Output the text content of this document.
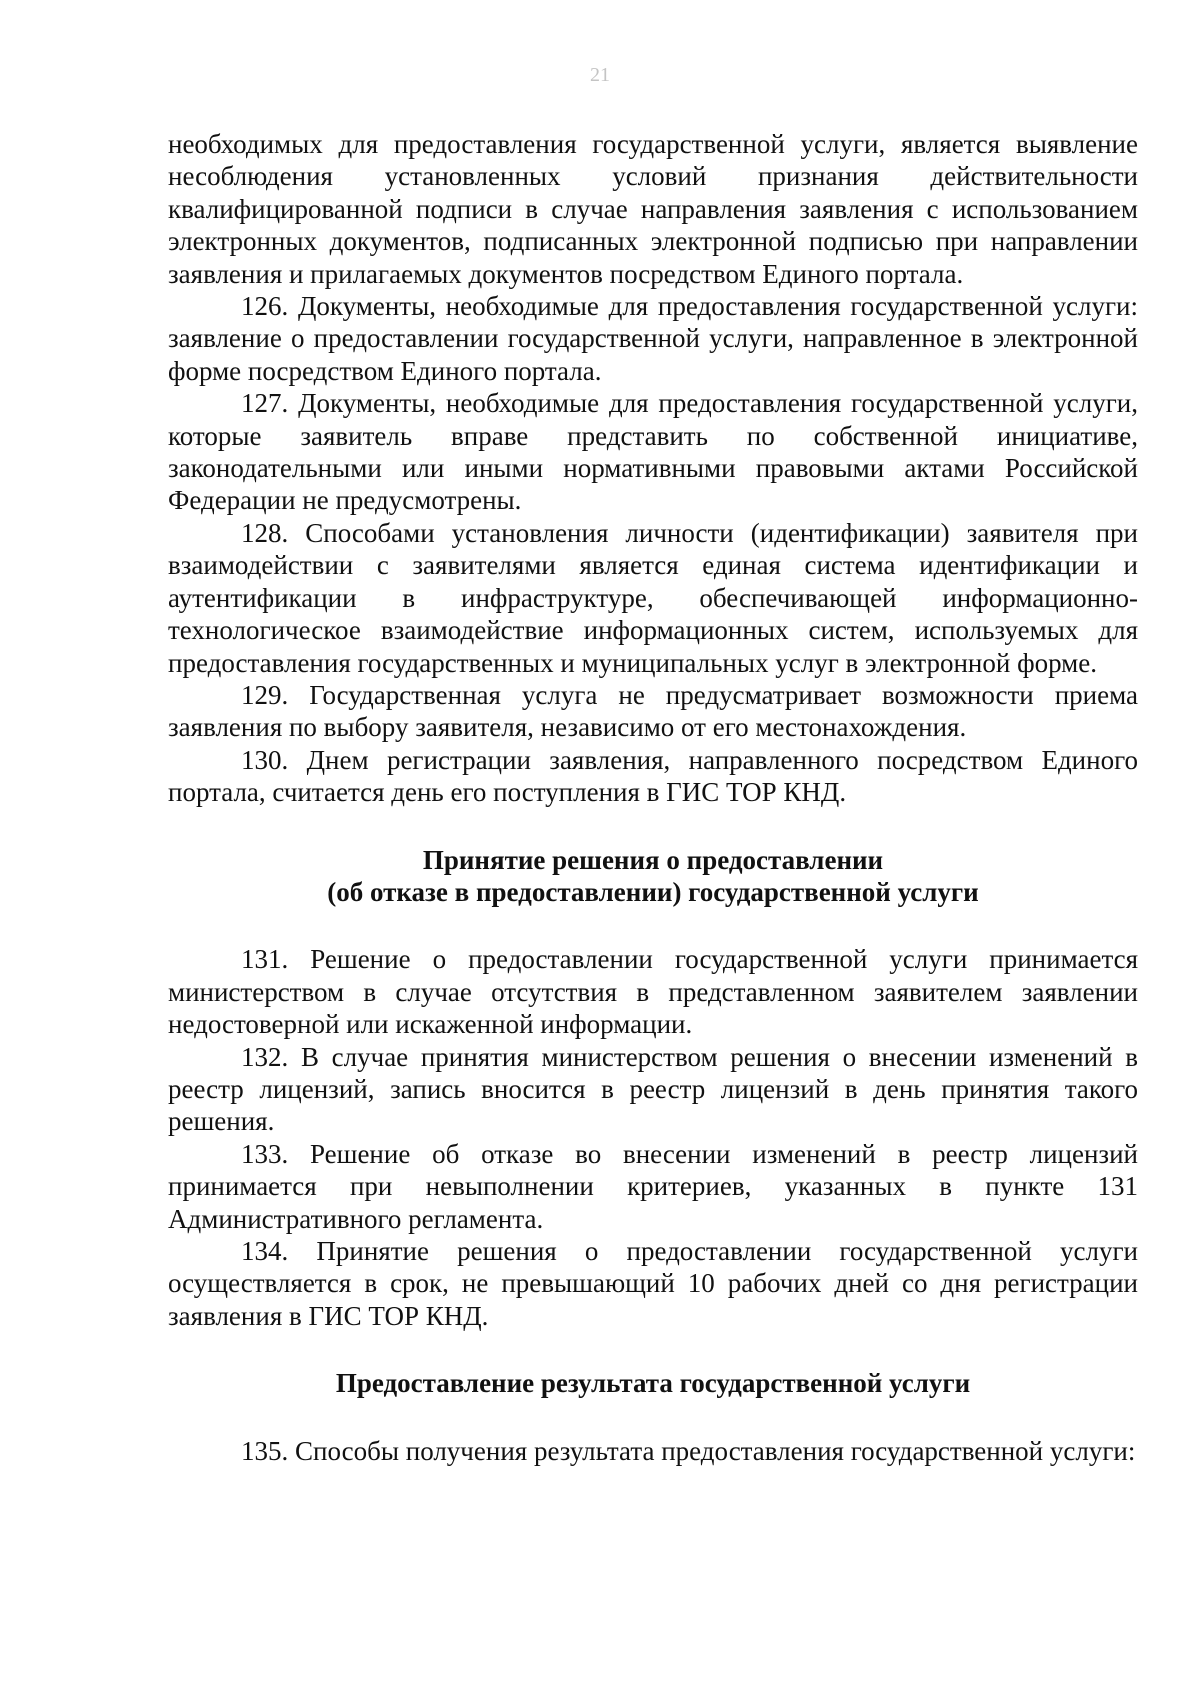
21

необходимых для предоставления государственной услуги, является выявление несоблюдения установленных условий признания действительности квалифицированной подписи в случае направления заявления с использованием электронных документов, подписанных электронной подписью при направлении заявления и прилагаемых документов посредством Единого портала.

126. Документы, необходимые для предоставления государственной услуги: заявление о предоставлении государственной услуги, направленное в электронной форме посредством Единого портала.

127. Документы, необходимые для предоставления государственной услуги, которые заявитель вправе представить по собственной инициативе, законодательными или иными нормативными правовыми актами Российской Федерации не предусмотрены.

128. Способами установления личности (идентификации) заявителя при взаимодействии с заявителями является единая система идентификации и аутентификации в инфраструктуре, обеспечивающей информационно-технологическое взаимодействие информационных систем, используемых для предоставления государственных и муниципальных услуг в электронной форме.

129. Государственная услуга не предусматривает возможности приема заявления по выбору заявителя, независимо от его местонахождения.

130. Днем регистрации заявления, направленного посредством Единого портала, считается день его поступления в ГИС ТОР КНД.

Принятие решения о предоставлении
(об отказе в предоставлении) государственной услуги

131. Решение о предоставлении государственной услуги принимается министерством в случае отсутствия в представленном заявителем заявлении недостоверной или искаженной информации.

132. В случае принятия министерством решения о внесении изменений в реестр лицензий, запись вносится в реестр лицензий в день принятия такого решения.

133. Решение об отказе во внесении изменений в реестр лицензий принимается при невыполнении критериев, указанных в пункте 131 Административного регламента.

134. Принятие решения о предоставлении государственной услуги осуществляется в срок, не превышающий 10 рабочих дней со дня регистрации заявления в ГИС ТОР КНД.

Предоставление результата государственной услуги

135. Способы получения результата предоставления государственной услуги:
